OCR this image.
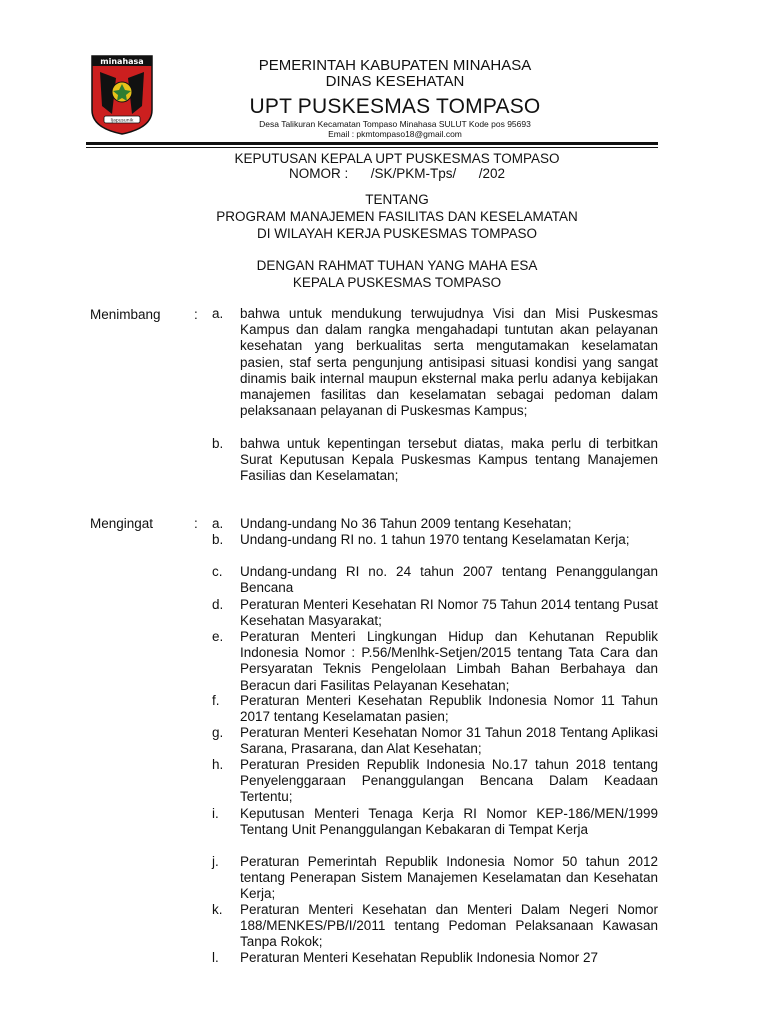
minahasa
Ijapusunik
PEMERINTAH KABUPATEN MINAHASA
DINAS KESEHATAN
UPT PUSKESMAS TOMPASO
Desa Talikuran Kecamatan Tompaso Minahasa SULUT Kode pos 95693
Email : pkmtompaso18@gmail.com
KEPUTUSAN KEPALA UPT PUSKESMAS TOMPASO
NOMOR :      /SK/PKM-Tps/      /202
TENTANG
PROGRAM MANAJEMEN FASILITAS DAN KESELAMATAN
DI WILAYAH KERJA PUSKESMAS TOMPASO
DENGAN RAHMAT TUHAN YANG MAHA ESA
KEPALA PUSKESMAS TOMPASO
Menimbang : a.	bahwa untuk mendukung terwujudnya Visi dan Misi Puskesmas Kampus dan dalam rangka mengahadapi tuntutan akan pelayanan kesehatan yang berkualitas serta mengutamakan keselamatan pasien, staf serta pengunjung antisipasi situasi kondisi yang sangat dinamis baik internal maupun eksternal maka perlu adanya kebijakan manajemen fasilitas dan keselamatan sebagai pedoman dalam pelaksanaan pelayanan di Puskesmas Kampus;
b.	bahwa untuk kepentingan tersebut diatas, maka perlu di terbitkan Surat Keputusan Kepala Puskesmas Kampus tentang Manajemen Fasilias dan Keselamatan;
Mengingat	: a.	Undang-undang No 36 Tahun 2009 tentang Kesehatan;
b.	Undang-undang RI no. 1 tahun 1970 tentang Keselamatan Kerja;
c.	Undang-undang RI no. 24 tahun 2007 tentang Penanggulangan Bencana
d.	Peraturan Menteri Kesehatan RI Nomor 75 Tahun 2014 tentang Pusat Kesehatan Masyarakat;
e.	Peraturan Menteri Lingkungan Hidup dan Kehutanan Republik Indonesia Nomor : P.56/Menlhk-Setjen/2015 tentang Tata Cara dan Persyaratan Teknis Pengelolaan Limbah Bahan Berbahaya dan Beracun dari Fasilitas Pelayanan Kesehatan;
f.	Peraturan Menteri Kesehatan Republik Indonesia Nomor 11 Tahun 2017 tentang Keselamatan pasien;
g.	Peraturan Menteri Kesehatan Nomor 31 Tahun 2018 Tentang Aplikasi Sarana, Prasarana, dan Alat Kesehatan;
h.	Peraturan Presiden Republik Indonesia No.17 tahun 2018 tentang Penyelenggaraan Penanggulangan Bencana Dalam Keadaan Tertentu;
i.	Keputusan Menteri Tenaga Kerja RI Nomor KEP-186/MEN/1999 Tentang Unit Penanggulangan Kebakaran di Tempat Kerja
j.	Peraturan Pemerintah Republik Indonesia Nomor 50 tahun 2012 tentang Penerapan Sistem Manajemen Keselamatan dan Kesehatan Kerja;
k.	Peraturan Menteri Kesehatan dan Menteri Dalam Negeri Nomor 188/MENKES/PB/I/2011 tentang Pedoman Pelaksanaan Kawasan Tanpa Rokok;
l.	Peraturan Menteri Kesehatan Republik Indonesia Nomor 27
